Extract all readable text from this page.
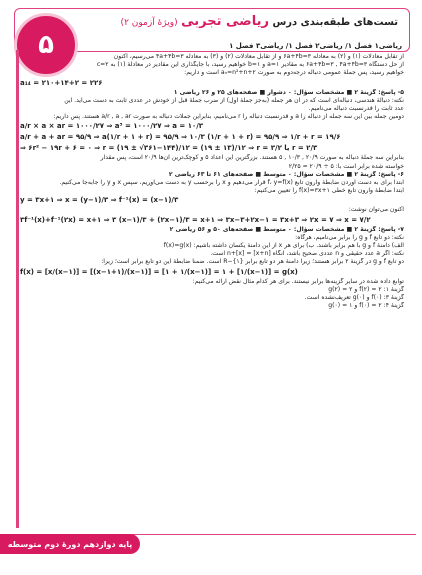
۵
تست‌های طبقه‌بندی درس ریاضی تجربی (ویژهٔ آزمون ۲)
ریاضی۱ فصل ۱/ ریاضی۲ فصل ۱/ ریاضی۳ فصل ۱
از تقابل معادلات (۱) و (۲) به معادله ۶a+۴b=۳ و از تقابل معادلات (۲) و (۳) به معادله ۴a+۴b=۳ می‌رسیم، اکنون
از حل دستگاه ۶a+۴b=۳ , ۴a+۴b=۳ به مقادیر ۱=a و ۱=b خواهیم رسید، با جایگذاری این مقادیر در معادلهٔ (۱) به c=۲
خواهیم رسید، پس جملهٔ عمومی دنباله درجه‌دوم به صورت aₙ=n²+n+۲ است و داریم:
a₁₄ = ۲۱۰+۱۴+۲ = ۲۲۶
۵- پاسخ: گزینهٔ ۲ ■ مشخصات سؤال: ۰ دشوار ■ صفحه‌های ۲۵ و ۲۶ ریاضی ۱
نکته: دنبالهٔ هندسی، دنباله‌ای است که در آن هر جمله (به‌جز جملهٔ اول) از ضرب جملهٔ قبل از خودش در عددی ثابت به دست می‌آید. این
عدد ثابت را قدرنسبت دنباله می‌نامیم.
دومین جمله بین این سه جمله از دنباله را a و قدرنسبت دنباله را r می‌نامیم، بنابراین جملات دنباله به صورت a/r , a , ar هستند. پس داریم:
a/r × a × ar = ۱۰۰۰/۲۷ ⇒ a³ = ۱۰۰۰/۲۷ ⇒ a = ۱۰/۳
a/r + a + ar = ۹۵/۹ ⇒ a(۱/r + ۱ + r) = ۹۵/۹ ⇒ ۱۰/۳ (۱/r + ۱ + r) = ۹۵/۹ ⇒ ۱/r + r = ۱۹/۶
⇒ ۶r² − ۱۹r + ۶ = ۰ ⇒ r = (۱۹ ± √۳۶۱−۱۴۴)/۱۲ = (۱۹ ± ۱۳)/۱۲ ⇒ r = ۳/۲ یا r = ۲/۳
بنابراین سه جملهٔ دنباله به صورت ۲۰/۹ , ۱۰/۳ , ۵ هستند. بزرگترین این اعداد ۵ و کوچک‌ترین آن‌ها ۲۰/۹ است، پس مقدار
خواسته شده برابر است با: ۵ ÷ ۲۰/۹ = ۲/۲۵
۶- پاسخ: گزینهٔ ۲ ■ مشخصات سؤال: ۰ متوسط ■ صفحه‌های ۶۱ تا ۶۳ ریاضی ۲
ابتدا برای به دست آوردن ضابطهٔ وارون تابع f، y=f(x) قرار می‌دهیم و x را برحسب y به دست می‌آوریم، سپس x و y را جابه‌جا می‌کنیم.
ابتدا ضابطهٔ وارون تابع خطی f(x)=۳x+۱ را تعیین می‌کنیم:
y = ۳x+۱ ⇒ x = (y−۱)/۳ ⇒ f⁻¹(x) = (x−۱)/۳
اکنون می‌توان نوشت:
۳f⁻¹(x)+f⁻¹(۲x) = x+۱ ⇒ ۳ (x−۱)/۳ + (۲x−۱)/۳ = x+۱ ⇒ ۳x−۳+۲x−۱ = ۳x+۳ ⇒ ۲x = ۷ ⇒ x = ۷/۲
۷- پاسخ: گزینهٔ ۲ ■ مشخصات سؤال: ۰ متوسط ■ صفحه‌های ۵۰ و ۵۶ ریاضی ۲
نکته: دو تابع f و g را برابر می‌نامیم، هرگاه:
الف) دامنهٔ f و g با هم برابر باشند. ب) برای هر x از این دامنهٔ یکسان داشته باشیم: f(x)=g(x)
نکته: اگر a عدد حقیقی و n عددی صحیح باشد، آنگاه [x+n] = [x]+n است.
دو تابع f و g در گزینهٔ ۲ برابر هستند؛ زیرا دامنهٔ هر دو تابع برابر R−{۱} است. ضمناً ضابطهٔ این دو تابع برابر است؛ زیرا:
f(x) = [x/(x−۱)] = [(x−۱+۱)/(x−۱)] = [۱ + ۱/(x−۱)] = ۱ + [۱/(x−۱)] = g(x)
توابع داده شده در سایر گزینه‌ها برابر نیستند. برای هر کدام مثال نقض ارائه می‌کنیم:
گزینهٔ ۱: f(۲) = ۲ و g(۲) = ۲
گزینهٔ ۳: f(۰) و g(۰) تعریف‌نشده است.
گزینهٔ ۴: f(۰) = ۲ و g(۰) = ۱
پایه‌ دوازدهم دورهٔ دوم متوسطه
